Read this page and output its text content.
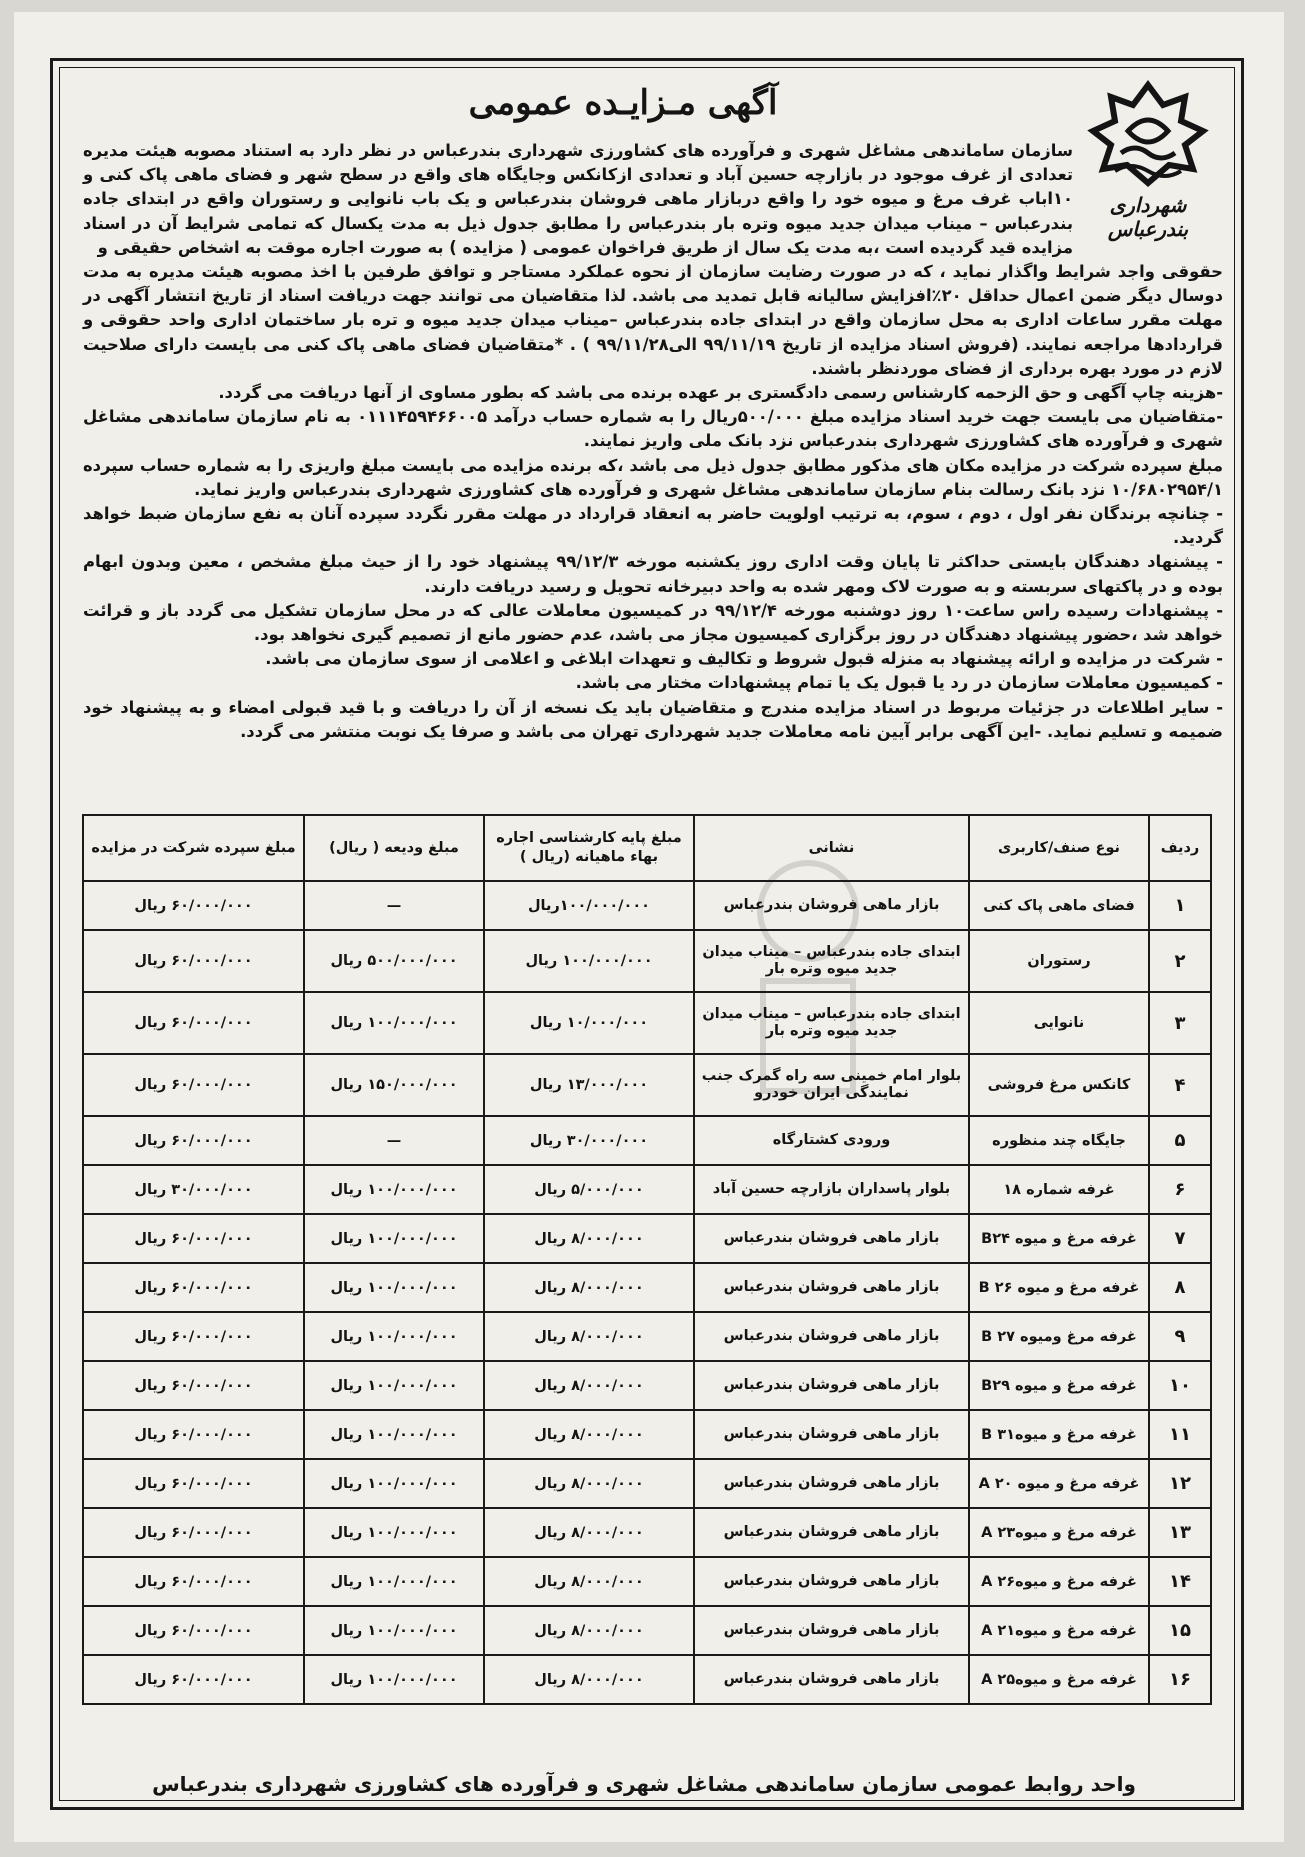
شهرداری بندرعباس
آگهی مـزایـده عمومی

سازمان ساماندهی مشاغل شهری و فرآورده های کشاورزی شهرداری بندرعباس در نظر دارد به استناد مصوبه هیئت مدیره تعدادی از غرف موجود در بازارچه حسین آباد و تعدادی ازکانکس وجایگاه های واقع در سطح شهر و فضای ماهی پاک کنی و ۱۰اباب غرف مرغ و میوه خود را واقع دربازار ماهی فروشان بندرعباس و یک باب نانوایی و رستوران واقع در ابتدای جاده بندرعباس – میناب میدان جدید میوه وتره بار بندرعباس را مطابق جدول ذیل به مدت یکسال که تمامی شرایط آن در اسناد مزایده قید گردیده است ،به مدت یک سال از طریق فراخوان عمومی ( مزایده ) به صورت اجاره موقت به اشخاص حقیقی و

حقوقی واجد شرایط واگذار نماید ، که در صورت رضایت سازمان از نحوه عملکرد مستاجر و توافق طرفین با اخذ مصوبه هیئت مدیره به مدت دوسال دیگر ضمن اعمال حداقل ۲۰٪افزایش سالیانه قابل تمدید می باشد. لذا متقاضیان می توانند جهت دریافت اسناد از تاریخ انتشار آگهی در مهلت مقرر ساعات اداری به محل سازمان واقع در ابتدای جاده بندرعباس –میناب میدان جدید میوه و تره بار ساختمان اداری واحد حقوقی و قراردادها مراجعه نمایند. (فروش اسناد مزایده از تاریخ ۹۹/۱۱/۱۹ الی۹۹/۱۱/۲۸ ) . *متقاضیان فضای ماهی پاک کنی می بایست دارای صلاحیت لازم در مورد بهره برداری از فضای مورد‌نظر باشند.

-هزینه چاپ آگهی و حق الزحمه کارشناس رسمی دادگستری بر عهده برنده می باشد که بطور مساوی از آنها دریافت می گردد.

-متقاضیان می بایست جهت خرید اسناد مزایده مبلغ ۵۰۰/۰۰۰ریال را به شماره حساب درآمد ۰۱۱۱۴۵۹۴۶۶۰۰۵ به نام سازمان ساماندهی مشاغل شهری و فرآورده های کشاورزی شهرداری بندرعباس نزد بانک ملی واریز نمایند.

مبلغ سپرده شرکت در مزایده مکان های مذکور مطابق جدول ذیل می باشد ،که برنده مزایده می بایست مبلغ واریزی را به شماره حساب سپرده ۱۰/۶۸۰۲۹۵۴/۱ نزد بانک رسالت بنام سازمان ساماندهی مشاغل شهری و فرآورده های کشاورزی شهرداری بندرعباس واریز نماید.

- چنانچه برندگان نفر اول ، دوم ، سوم، به ترتیب اولویت حاضر به انعقاد قرارداد در مهلت مقرر نگردد سپرده آنان به نفع سازمان ضبط خواهد گردید.

- پیشنهاد دهندگان بایستی حداکثر تا پایان وقت اداری روز یکشنبه مورخه ۹۹/۱۲/۳ پیشنهاد خود را از حیث مبلغ مشخص ، معین وبدون ابهام بوده و در پاکتهای سربسته و به صورت لاک ومهر شده به واحد دبیرخانه تحویل و رسید دریافت دارند.

- پیشنهادات رسیده راس ساعت۱۰ روز دوشنبه مورخه ۹۹/۱۲/۴ در کمیسیون معاملات عالی که در محل سازمان تشکیل می گردد باز و قرائت خواهد شد ،حضور پیشنهاد دهندگان در روز برگزاری کمیسیون مجاز می باشد، عدم حضور مانع از تصمیم گیری نخواهد بود.

- شرکت در مزایده و ارائه پیشنهاد به منزله قبول شروط و تکالیف و تعهدات ابلاغی و اعلامی از سوی سازمان می باشد.

- کمیسیون معاملات سازمان در رد یا قبول یک یا تمام پیشنهادات مختار می باشد.

- سایر اطلاعات در جزئیات مربوط در اسناد مزایده مندرج و متقاضیان باید یک نسخه از آن را دریافت و با قید قبولی امضاء و به پیشنهاد خود ضمیمه و تسلیم نماید. -این آگهی برابر آیین نامه معاملات جدید شهرداری تهران می باشد و صرفا یک نوبت منتشر می گردد.

ردیف	نوع صنف/کاربری	نشانی	مبلغ پایه کارشناسی اجاره بهاء ماهیانه (ریال )	مبلغ ودیعه ( ریال)	مبلغ سپرده شرکت در مزایده
۱	فضای ماهی پاک کنی	بازار ماهی فروشان بندرعباس	۱۰۰/۰۰۰/۰۰۰ریال	—	۶۰/۰۰۰/۰۰۰ ریال
۲	رستوران	ابتدای جاده بندرعباس – میناب میدان جدید میوه وتره بار	۱۰۰/۰۰۰/۰۰۰ ریال	۵۰۰/۰۰۰/۰۰۰ ریال	۶۰/۰۰۰/۰۰۰ ریال
۳	نانوایی	ابتدای جاده بندرعباس – میناب میدان جدید میوه وتره بار	۱۰/۰۰۰/۰۰۰ ریال	۱۰۰/۰۰۰/۰۰۰ ریال	۶۰/۰۰۰/۰۰۰ ریال
۴	کانکس مرغ فروشی	بلوار امام خمینی سه راه گمرک جنب نمایندگی ایران خودرو	۱۳/۰۰۰/۰۰۰ ریال	۱۵۰/۰۰۰/۰۰۰ ریال	۶۰/۰۰۰/۰۰۰ ریال
۵	جایگاه چند منظوره	ورودی کشتارگاه	۳۰/۰۰۰/۰۰۰ ریال	—	۶۰/۰۰۰/۰۰۰ ریال
۶	غرفه شماره ۱۸	بلوار پاسداران بازارچه حسین آباد	۵/۰۰۰/۰۰۰ ریال	۱۰۰/۰۰۰/۰۰۰ ریال	۳۰/۰۰۰/۰۰۰ ریال
۷	غرفه مرغ و میوه B۲۴	بازار ماهی فروشان بندرعباس	۸/۰۰۰/۰۰۰ ریال	۱۰۰/۰۰۰/۰۰۰ ریال	۶۰/۰۰۰/۰۰۰ ریال
۸	غرفه مرغ و میوه B ۲۶	بازار ماهی فروشان بندرعباس	۸/۰۰۰/۰۰۰ ریال	۱۰۰/۰۰۰/۰۰۰ ریال	۶۰/۰۰۰/۰۰۰ ریال
۹	غرفه مرغ ومیوه B ۲۷	بازار ماهی فروشان بندرعباس	۸/۰۰۰/۰۰۰ ریال	۱۰۰/۰۰۰/۰۰۰ ریال	۶۰/۰۰۰/۰۰۰ ریال
۱۰	غرفه مرغ و میوه B۲۹	بازار ماهی فروشان بندرعباس	۸/۰۰۰/۰۰۰ ریال	۱۰۰/۰۰۰/۰۰۰ ریال	۶۰/۰۰۰/۰۰۰ ریال
۱۱	غرفه مرغ و میوهB ۳۱	بازار ماهی فروشان بندرعباس	۸/۰۰۰/۰۰۰ ریال	۱۰۰/۰۰۰/۰۰۰ ریال	۶۰/۰۰۰/۰۰۰ ریال
۱۲	غرفه مرغ و میوه A ۲۰	بازار ماهی فروشان بندرعباس	۸/۰۰۰/۰۰۰ ریال	۱۰۰/۰۰۰/۰۰۰ ریال	۶۰/۰۰۰/۰۰۰ ریال
۱۳	غرفه مرغ و میوهA ۲۳	بازار ماهی فروشان بندرعباس	۸/۰۰۰/۰۰۰ ریال	۱۰۰/۰۰۰/۰۰۰ ریال	۶۰/۰۰۰/۰۰۰ ریال
۱۴	غرفه مرغ و میوهA ۲۶	بازار ماهی فروشان بندرعباس	۸/۰۰۰/۰۰۰ ریال	۱۰۰/۰۰۰/۰۰۰ ریال	۶۰/۰۰۰/۰۰۰ ریال
۱۵	غرفه مرغ و میوهA ۲۱	بازار ماهی فروشان بندرعباس	۸/۰۰۰/۰۰۰ ریال	۱۰۰/۰۰۰/۰۰۰ ریال	۶۰/۰۰۰/۰۰۰ ریال
۱۶	غرفه مرغ و میوهA ۲۵	بازار ماهی فروشان بندرعباس	۸/۰۰۰/۰۰۰ ریال	۱۰۰/۰۰۰/۰۰۰ ریال	۶۰/۰۰۰/۰۰۰ ریال
واحد روابط عمومی سازمان ساماندهی مشاغل شهری و فرآورده های کشاورزی شهرداری بندرعباس
